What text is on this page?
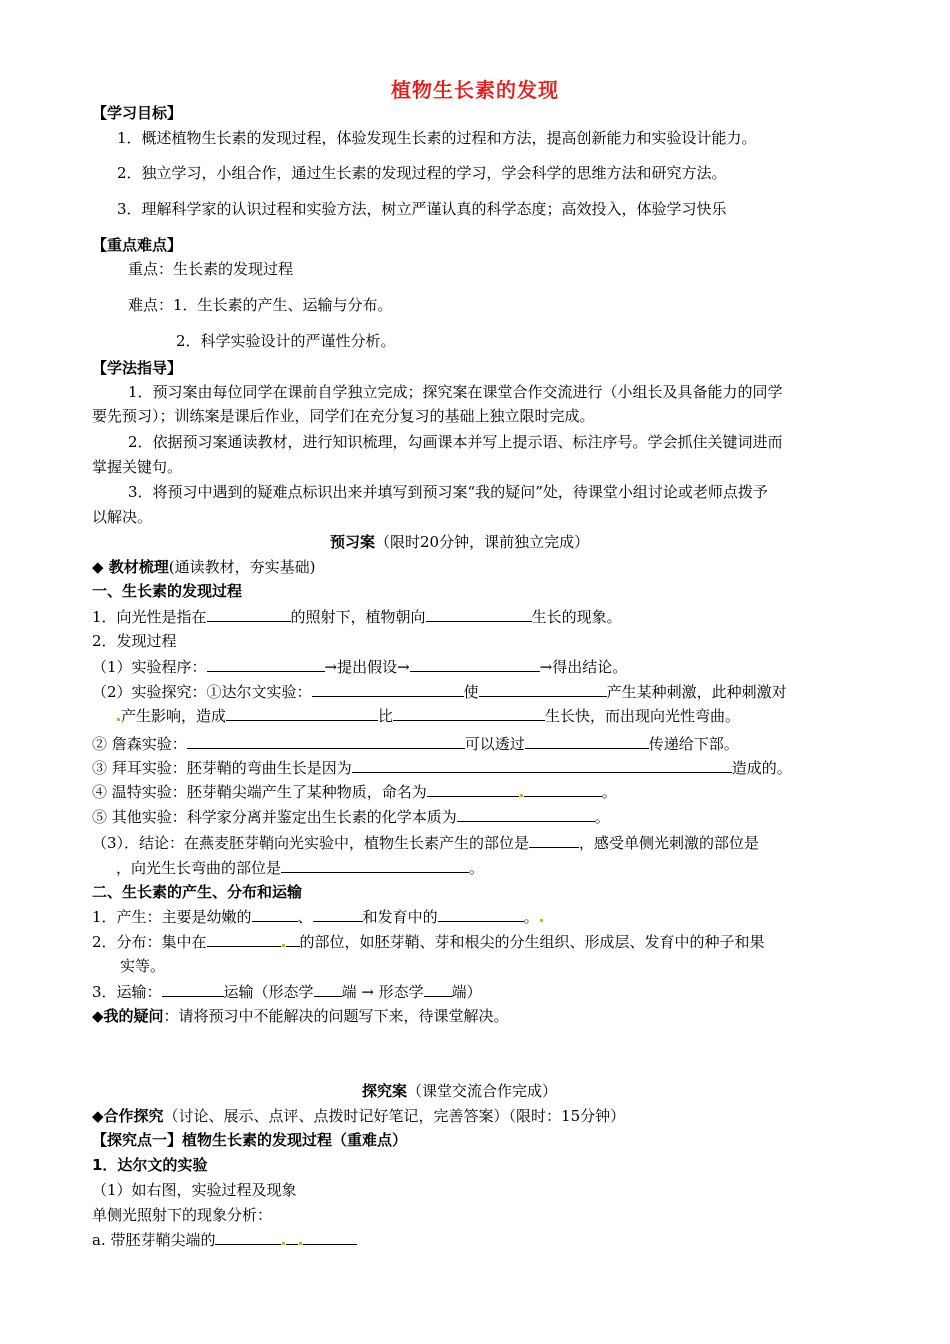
植物生长素的发现
【学习目标】
1．概述植物生长素的发现过程，体验发现生长素的过程和方法，提高创新能力和实验设计能力。
2．独立学习，小组合作，通过生长素的发现过程的学习，学会科学的思维方法和研究方法。
3．理解科学家的认识过程和实验方法，树立严谨认真的科学态度；高效投入，体验学习快乐
【重点难点】
重点：生长素的发现过程
难点：1．生长素的产生、运输与分布。
2．科学实验设计的严谨性分析。
【学法指导】
1．预习案由每位同学在课前自学独立完成；探究案在课堂合作交流进行（小组长及具备能力的同学
要先预习）；训练案是课后作业，同学们在充分复习的基础上独立限时完成。
2．依据预习案通读教材，进行知识梳理，勾画课本并写上提示语、标注序号。学会抓住关键词进而
掌握关键句。
3．将预习中遇到的疑难点标识出来并填写到预习案“我的疑问”处，待课堂小组讨论或老师点拨予
以解决。
预习案（限时20分钟，课前独立完成）
◆ 教材梳理(通读教材，夯实基础)
一、生长素的发现过程
1．向光性是指在	的照射下，植物朝向	生长的现象。
2．发现过程
（1）实验程序：	→提出假设→	→得出结论。
（2）实验探究：①达尔文实验：	使	产生某种刺激，此种刺激对
产生影响，造成	比	生长快，而出现向光性弯曲。
② 詹森实验：	可以透过	传递给下部。
③ 拜耳实验：胚芽鞘的弯曲生长是因为	造成的。
④ 温特实验：胚芽鞘尖端产生了某种物质，命名为	。
⑤ 其他实验：科学家分离并鉴定出生长素的化学本质为	。
（3）．结论：在燕麦胚芽鞘向光实验中，植物生长素产生的部位是	，感受单侧光刺激的部位是
，向光生长弯曲的部位是	。
二、生长素的产生、分布和运输
1．产生：主要是幼嫩的	、	和发育中的	。
2．分布：集中在	的部位，如胚芽鞘、芽和根尖的分生组织、形成层、发育中的种子和果
实等。
3．运输：	运输（形态学 端 → 形态学 端）
◆我的疑问：请将预习中不能解决的问题写下来，待课堂解决。
探究案（课堂交流合作完成）
◆合作探究（讨论、展示、点评、点拨时记好笔记，完善答案）（限时：15分钟）
【探究点一】植物生长素的发现过程（重难点）
1．达尔文的实验
（1）如右图，实验过程及现象
单侧光照射下的现象分析：
a. 带胚芽鞘尖端的
